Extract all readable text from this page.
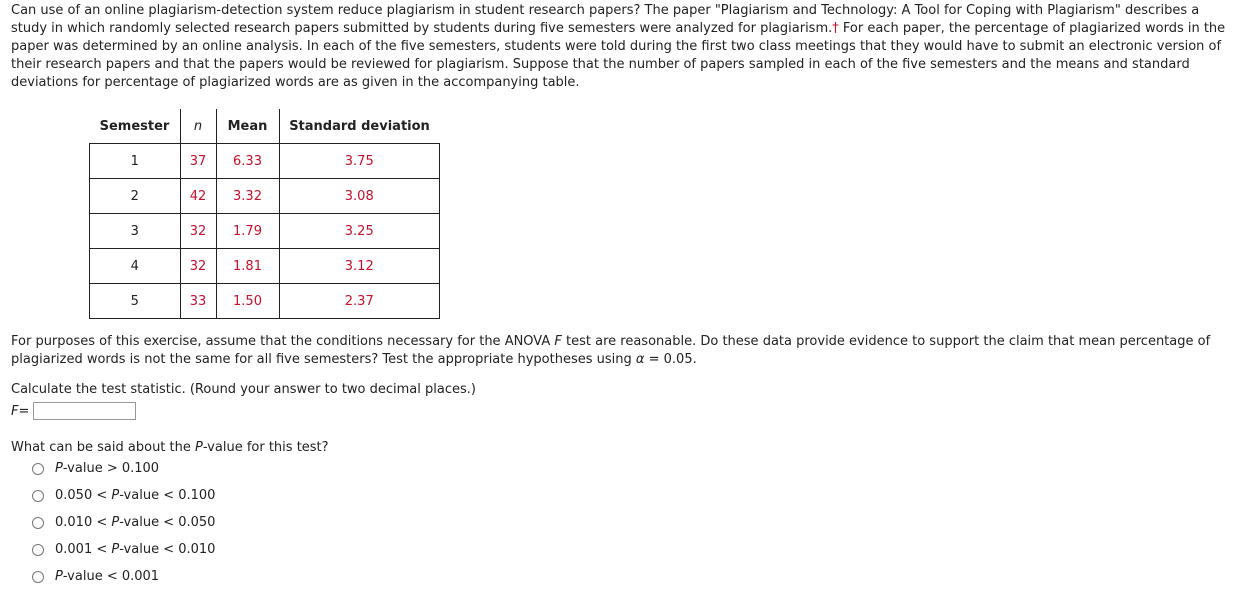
Can use of an online plagiarism-detection system reduce plagiarism in student research papers? The paper "Plagiarism and Technology: A Tool for Coping with Plagiarism" describes a study in which randomly selected research papers submitted by students during five semesters were analyzed for plagiarism.† For each paper, the percentage of plagiarized words in the paper was determined by an online analysis. In each of the five semesters, students were told during the first two class meetings that they would have to submit an electronic version of their research papers and that the papers would be reviewed for plagiarism. Suppose that the number of papers sampled in each of the five semesters and the means and standard deviations for percentage of plagiarized words are as given in the accompanying table.

Semester	n	Mean	Standard deviation
1	37	6.33	3.75
2	42	3.32	3.08
3	32	1.79	3.25
4	32	1.81	3.12
5	33	1.50	2.37

For purposes of this exercise, assume that the conditions necessary for the ANOVA F test are reasonable. Do these data provide evidence to support the claim that mean percentage of plagiarized words is not the same for all five semesters? Test the appropriate hypotheses using α = 0.05.

Calculate the test statistic. (Round your answer to two decimal places.)
F =
What can be said about the P-value for this test?
P-value > 0.100
0.050 < P-value < 0.100
0.010 < P-value < 0.050
0.001 < P-value < 0.010
P-value < 0.001
